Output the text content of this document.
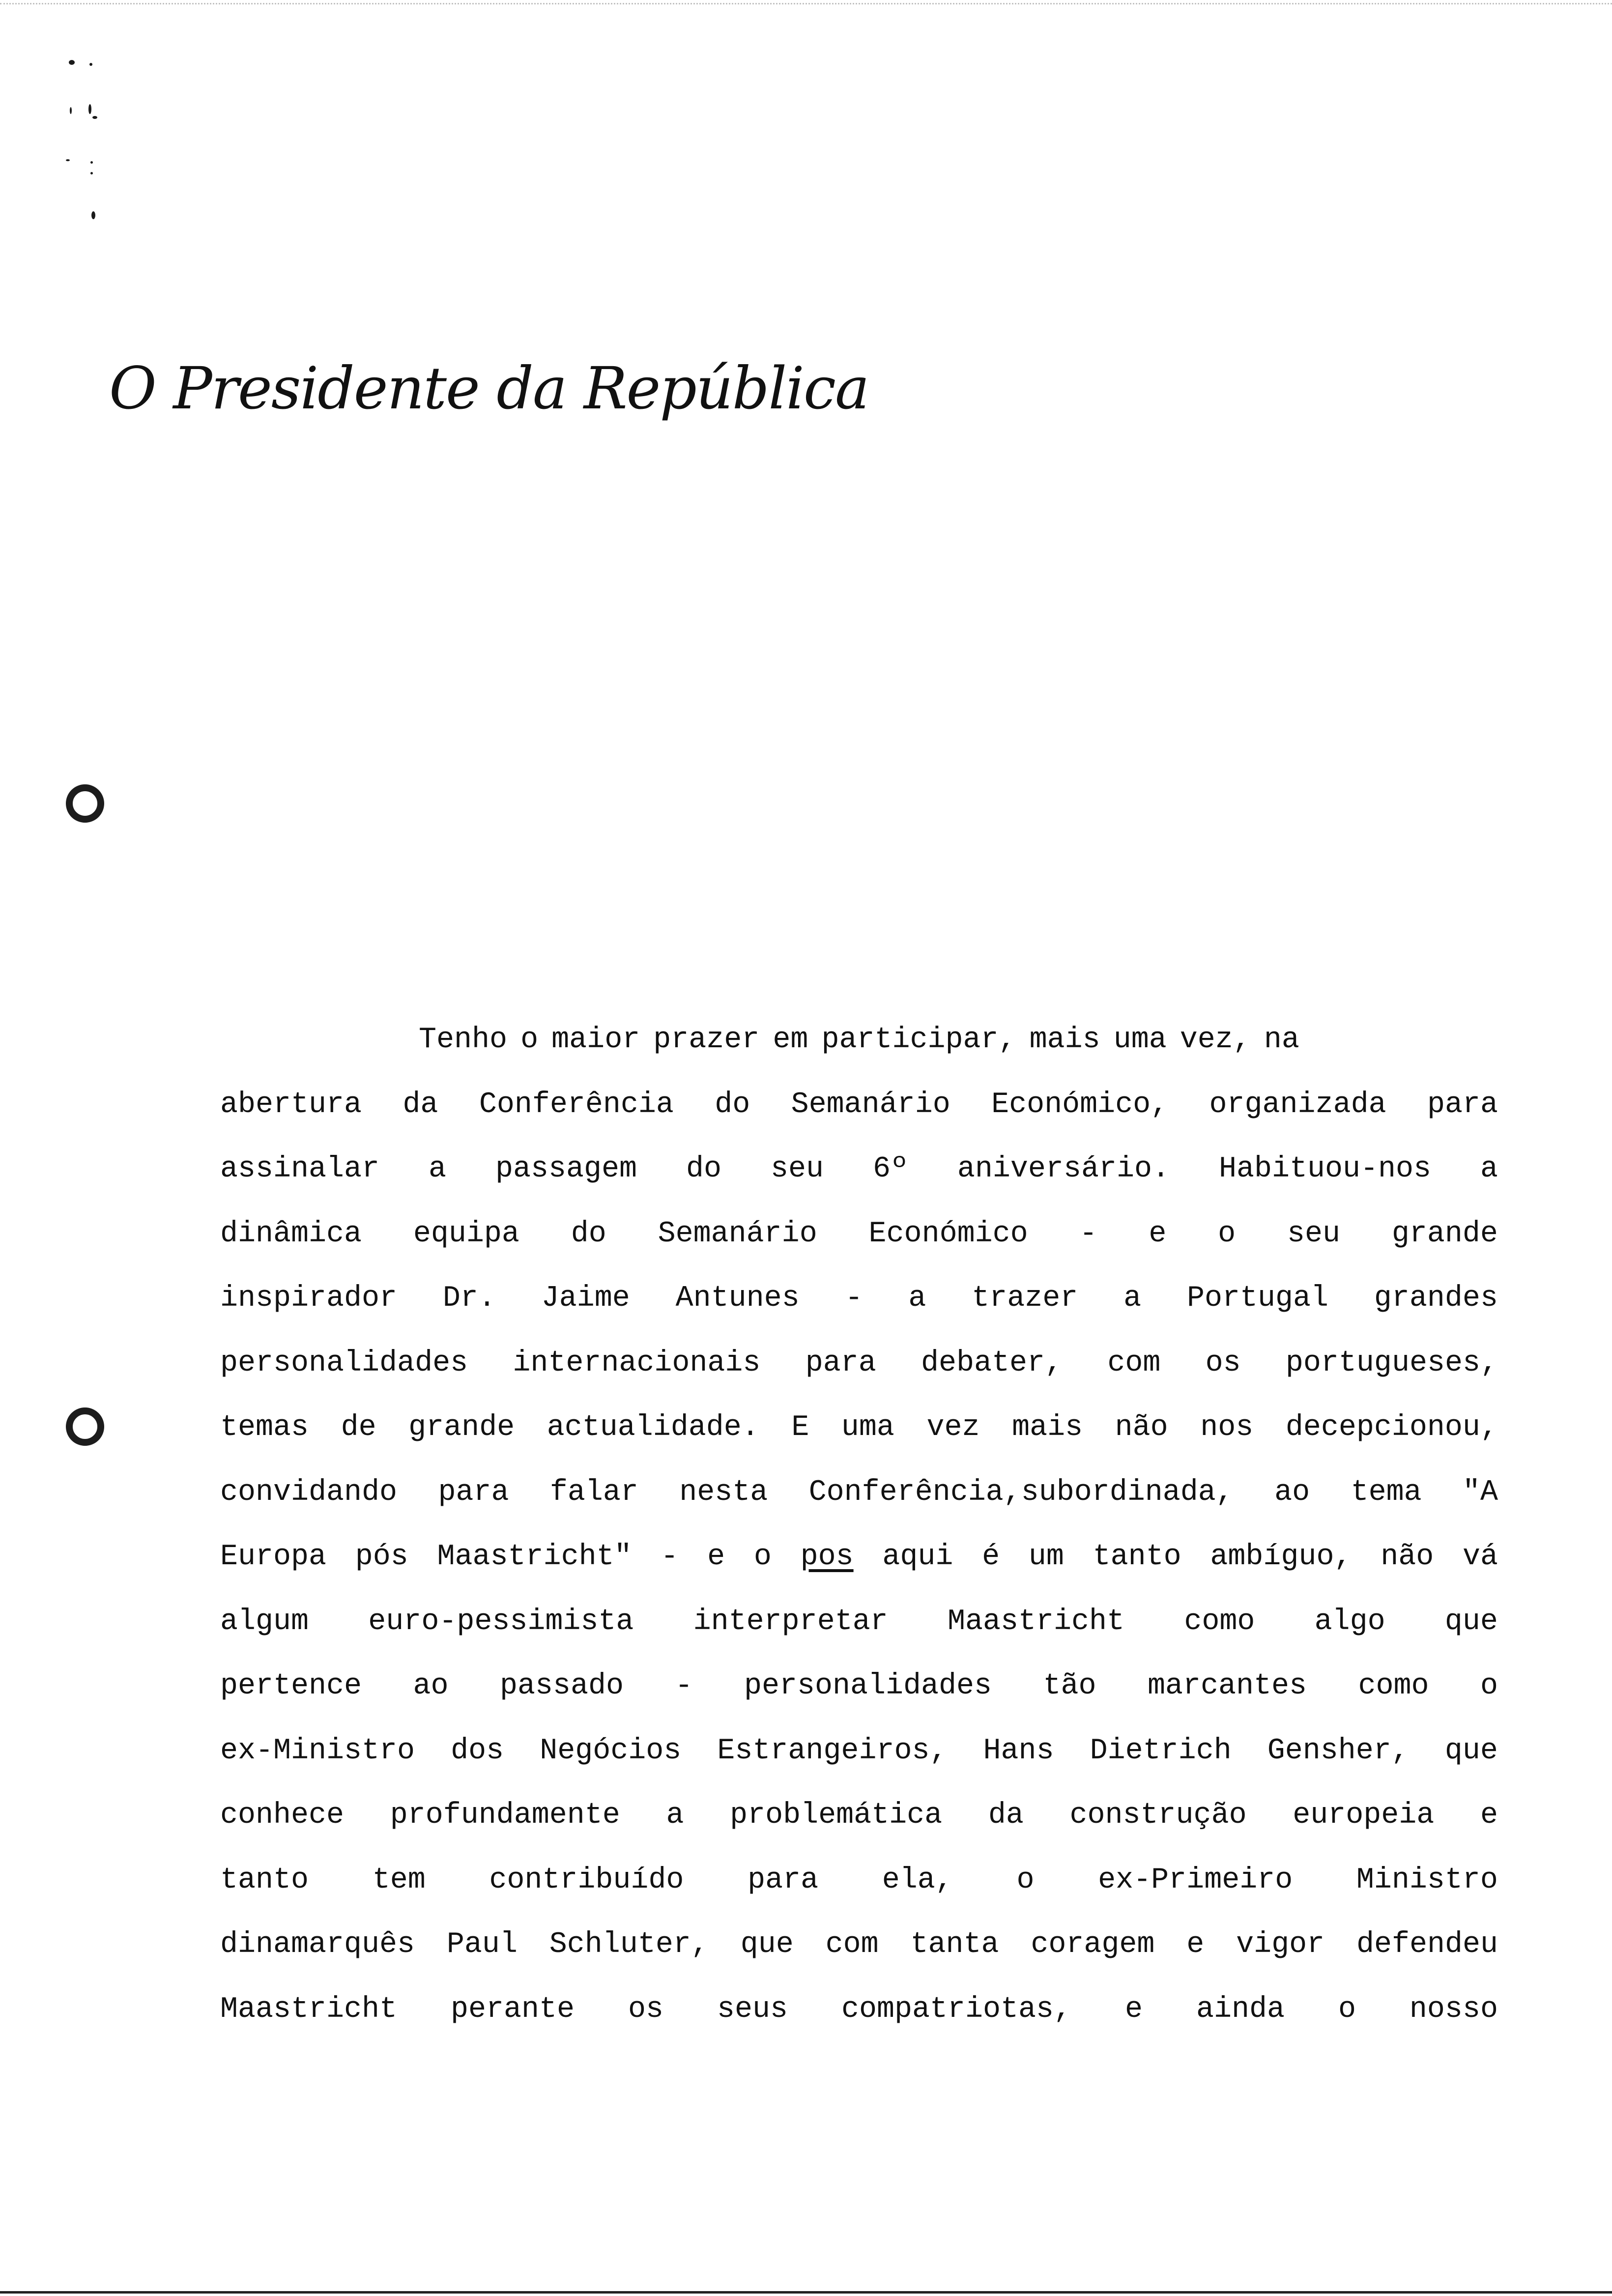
O Presidente da República
Tenho o maior prazer em participar, mais uma vez, na
abertura da Conferência do Semanário Económico, organizada para
assinalar a passagem do seu 6º aniversário. Habituou-nos a
dinâmica equipa do Semanário Económico - e o seu grande
inspirador Dr. Jaime Antunes - a trazer a Portugal grandes
personalidades internacionais para debater, com os portugueses,
temas de grande actualidade. E uma vez mais não nos decepcionou,
convidando para falar nesta Conferência,subordinada, ao tema "A
Europa pós Maastricht" - e o pos aqui é um tanto ambíguo, não vá
algum euro-pessimista interpretar Maastricht como algo que
pertence ao passado - personalidades tão marcantes como o
ex-Ministro dos Negócios Estrangeiros, Hans Dietrich Gensher, que
conhece profundamente a problemática da construção europeia e
tanto tem contribuído para ela, o ex-Primeiro Ministro
dinamarquês Paul Schluter, que com tanta coragem e vigor defendeu
Maastricht perante os seus compatriotas, e ainda o nosso
